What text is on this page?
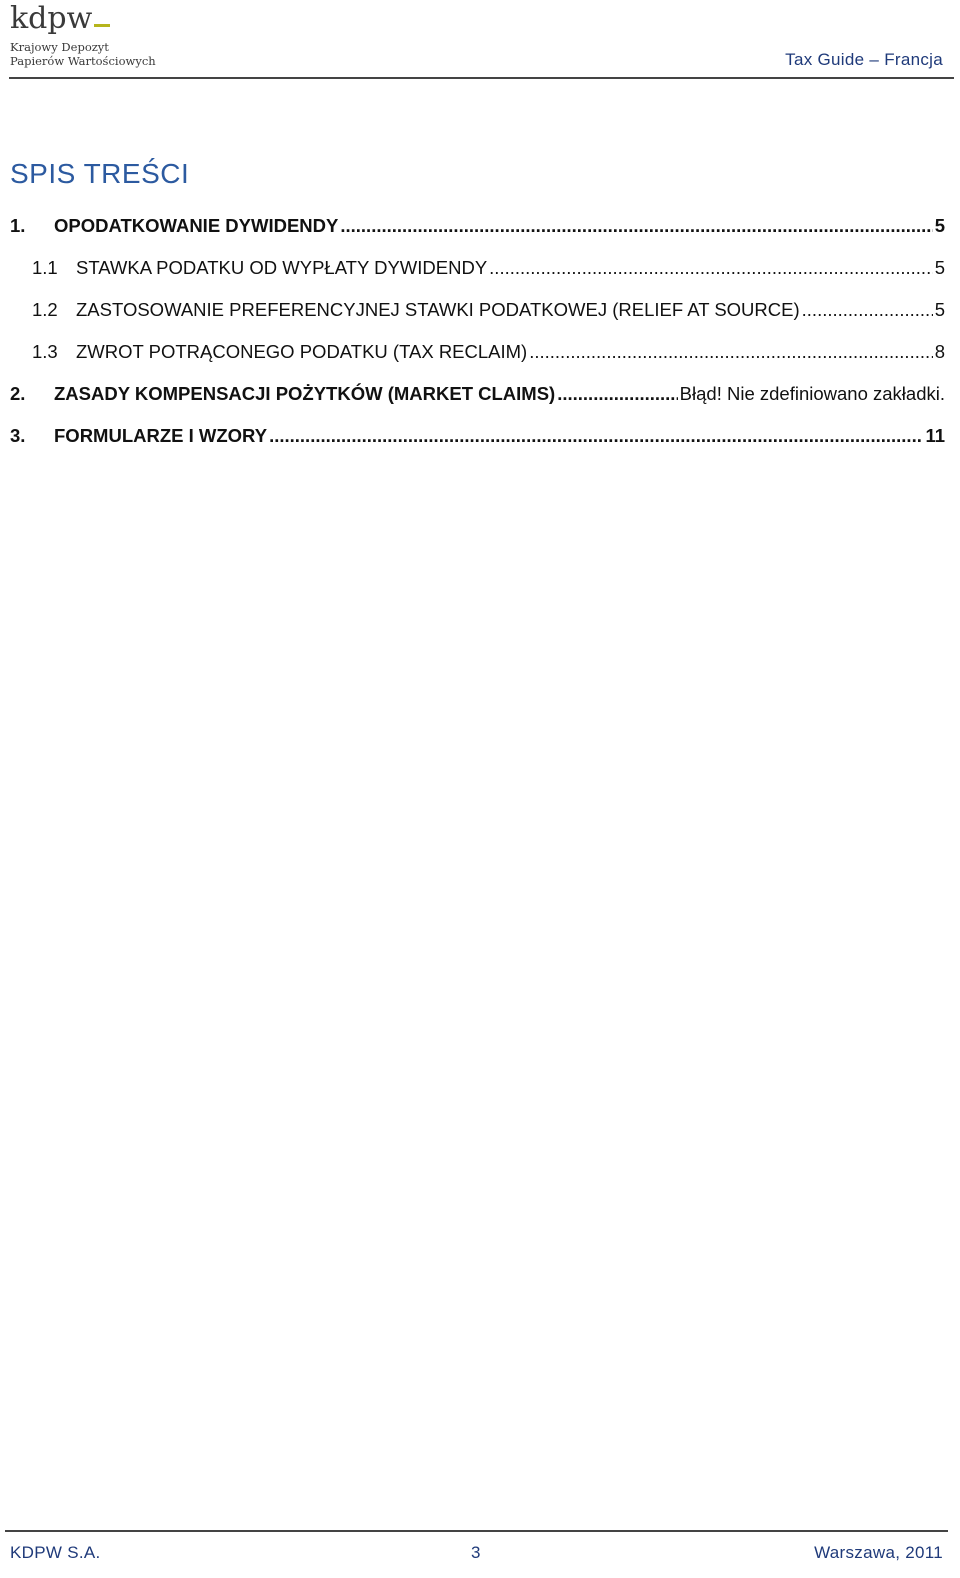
kdpw
Krajowy Depozyt
Papierów Wartościowych	Tax Guide – Francja
SPIS TREŚCI
1.	OPODATKOWANIE DYWIDENDY .....	5
1.1 STAWKA PODATKU OD WYPŁATY DYWIDENDY .....	5
1.2 ZASTOSOWANIE PREFERENCYJNEJ STAWKI PODATKOWEJ (RELIEF AT SOURCE) .....	5
1.3 ZWROT POTRĄCONEGO PODATKU (TAX RECLAIM) .....	8
2.	ZASADY KOMPENSACJI POŻYTKÓW (MARKET CLAIMS) .....	Błąd! Nie zdefiniowano zakładki.
3.	FORMULARZE I WZORY .....	11
KDPW S.A.	3	Warszawa, 2011
